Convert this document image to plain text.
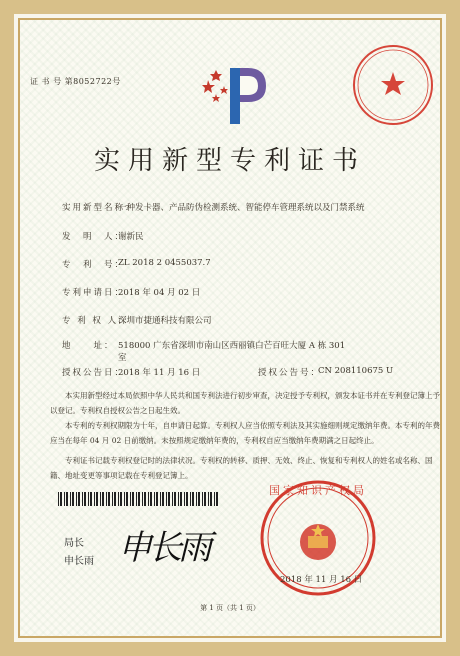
证 书 号 第8052722号
实用新型专利证书
实用新型名称：
一种发卡器、产品防伪检测系统、智能停车管理系统以及门禁系统
发　明　人：
谢新民
专　利　号：
ZL 2018 2 0455037.7
专利申请日：
2018 年 04 月 02 日
专 利 权 人：
深圳市捷通科技有限公司
地　　址： 518000 广东省深圳市南山区西丽镇白芒百旺大厦 A 栋 301
室
授权公告日：
2018 年 11 月 16 日	授权公告号：
CN 208110675 U
本实用新型经过本局依照中华人民共和国专利法进行初步审查，决定授予专利权，颁发本证书并在专利登记簿上予以登记。专利权自授权公告之日起生效。
本专利的专利权期限为十年，自申请日起算。专利权人应当依照专利法及其实施细则规定缴纳年费。本专利的年费应当在每年 04 月 02 日前缴纳。未按照规定缴纳年费的，专利权自应当缴纳年费期满之日起终止。
专利证书记载专利权登记时的法律状况。专利权的转移、质押、无效、终止、恢复和专利权人的姓名或名称、国籍、地址变更等事项记载在专利登记簿上。
局长
申长雨 申长雨
国家知识产权局
2018 年 11 月 16 日
第 1 页（共 1 页）
